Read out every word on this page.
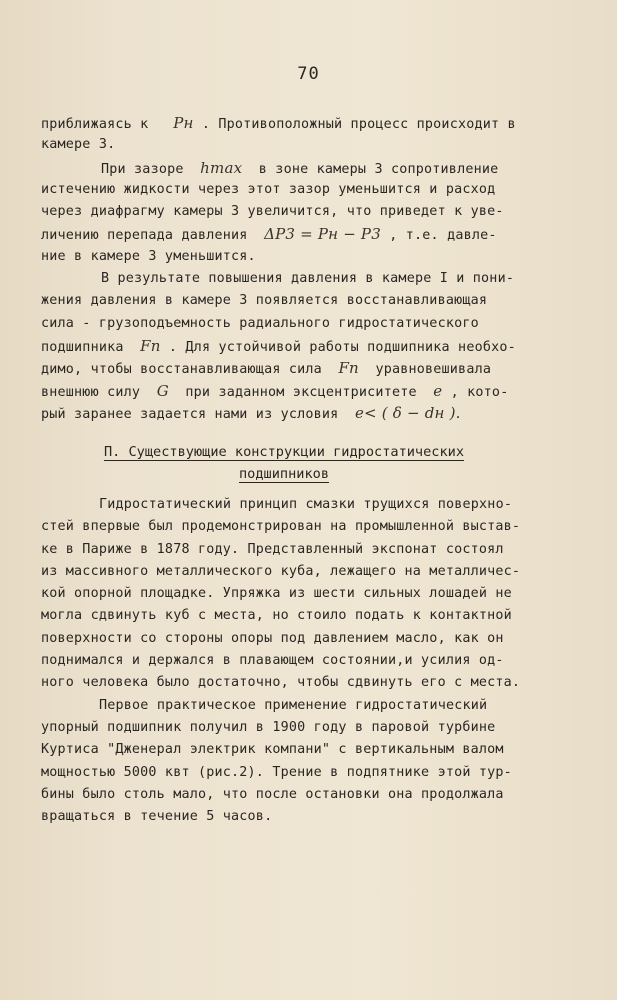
70
приближаясь к Pн . Противоположный процесс происходит в
камере 3.
При зазоре hmax в зоне камеры 3 сопротивление
истечению жидкости через этот зазор уменьшится и расход
через диафрагму камеры 3 увеличится, что приведет к уве-
личению перепада давления ΔP3 = Pн − P3 , т.е. давле-
ние в камере 3 уменьшится.
В результате повышения давления в камере I и пони-
жения давления в камере 3 появляется восстанавливающая
сила - грузоподъемность радиального гидростатического
подшипника Fп . Для устойчивой работы подшипника необхо-
димо, чтобы восстанавливающая сила Fп уравновешивала
внешнюю силу G при заданном эксцентриситете e , кото-
рый заранее задается нами из условия e< ( δ − dн ).
П. Существующие конструкции гидростатических
подшипников
Гидростатический принцип смазки трущихся поверхно-
стей впервые был продемонстрирован на промышленной выстав-
ке в Париже в 1878 году. Представленный экспонат состоял
из массивного металлического куба, лежащего на металличес-
кой опорной площадке. Упряжка из шести сильных лошадей не
могла сдвинуть куб с места, но стоило подать к контактной
поверхности со стороны опоры под давлением масло, как он
поднимался и держался в плавающем состоянии,и усилия од-
ного человека было достаточно, чтобы сдвинуть его с места.
Первое практическое применение гидростатический
упорный подшипник получил в 1900 году в паровой турбине
Куртиса "Дженерал электрик компани" с вертикальным валом
мощностью 5000 квт (рис.2). Трение в подпятнике этой тур-
бины было столь мало, что после остановки она продолжала
вращаться в течение 5 часов.
